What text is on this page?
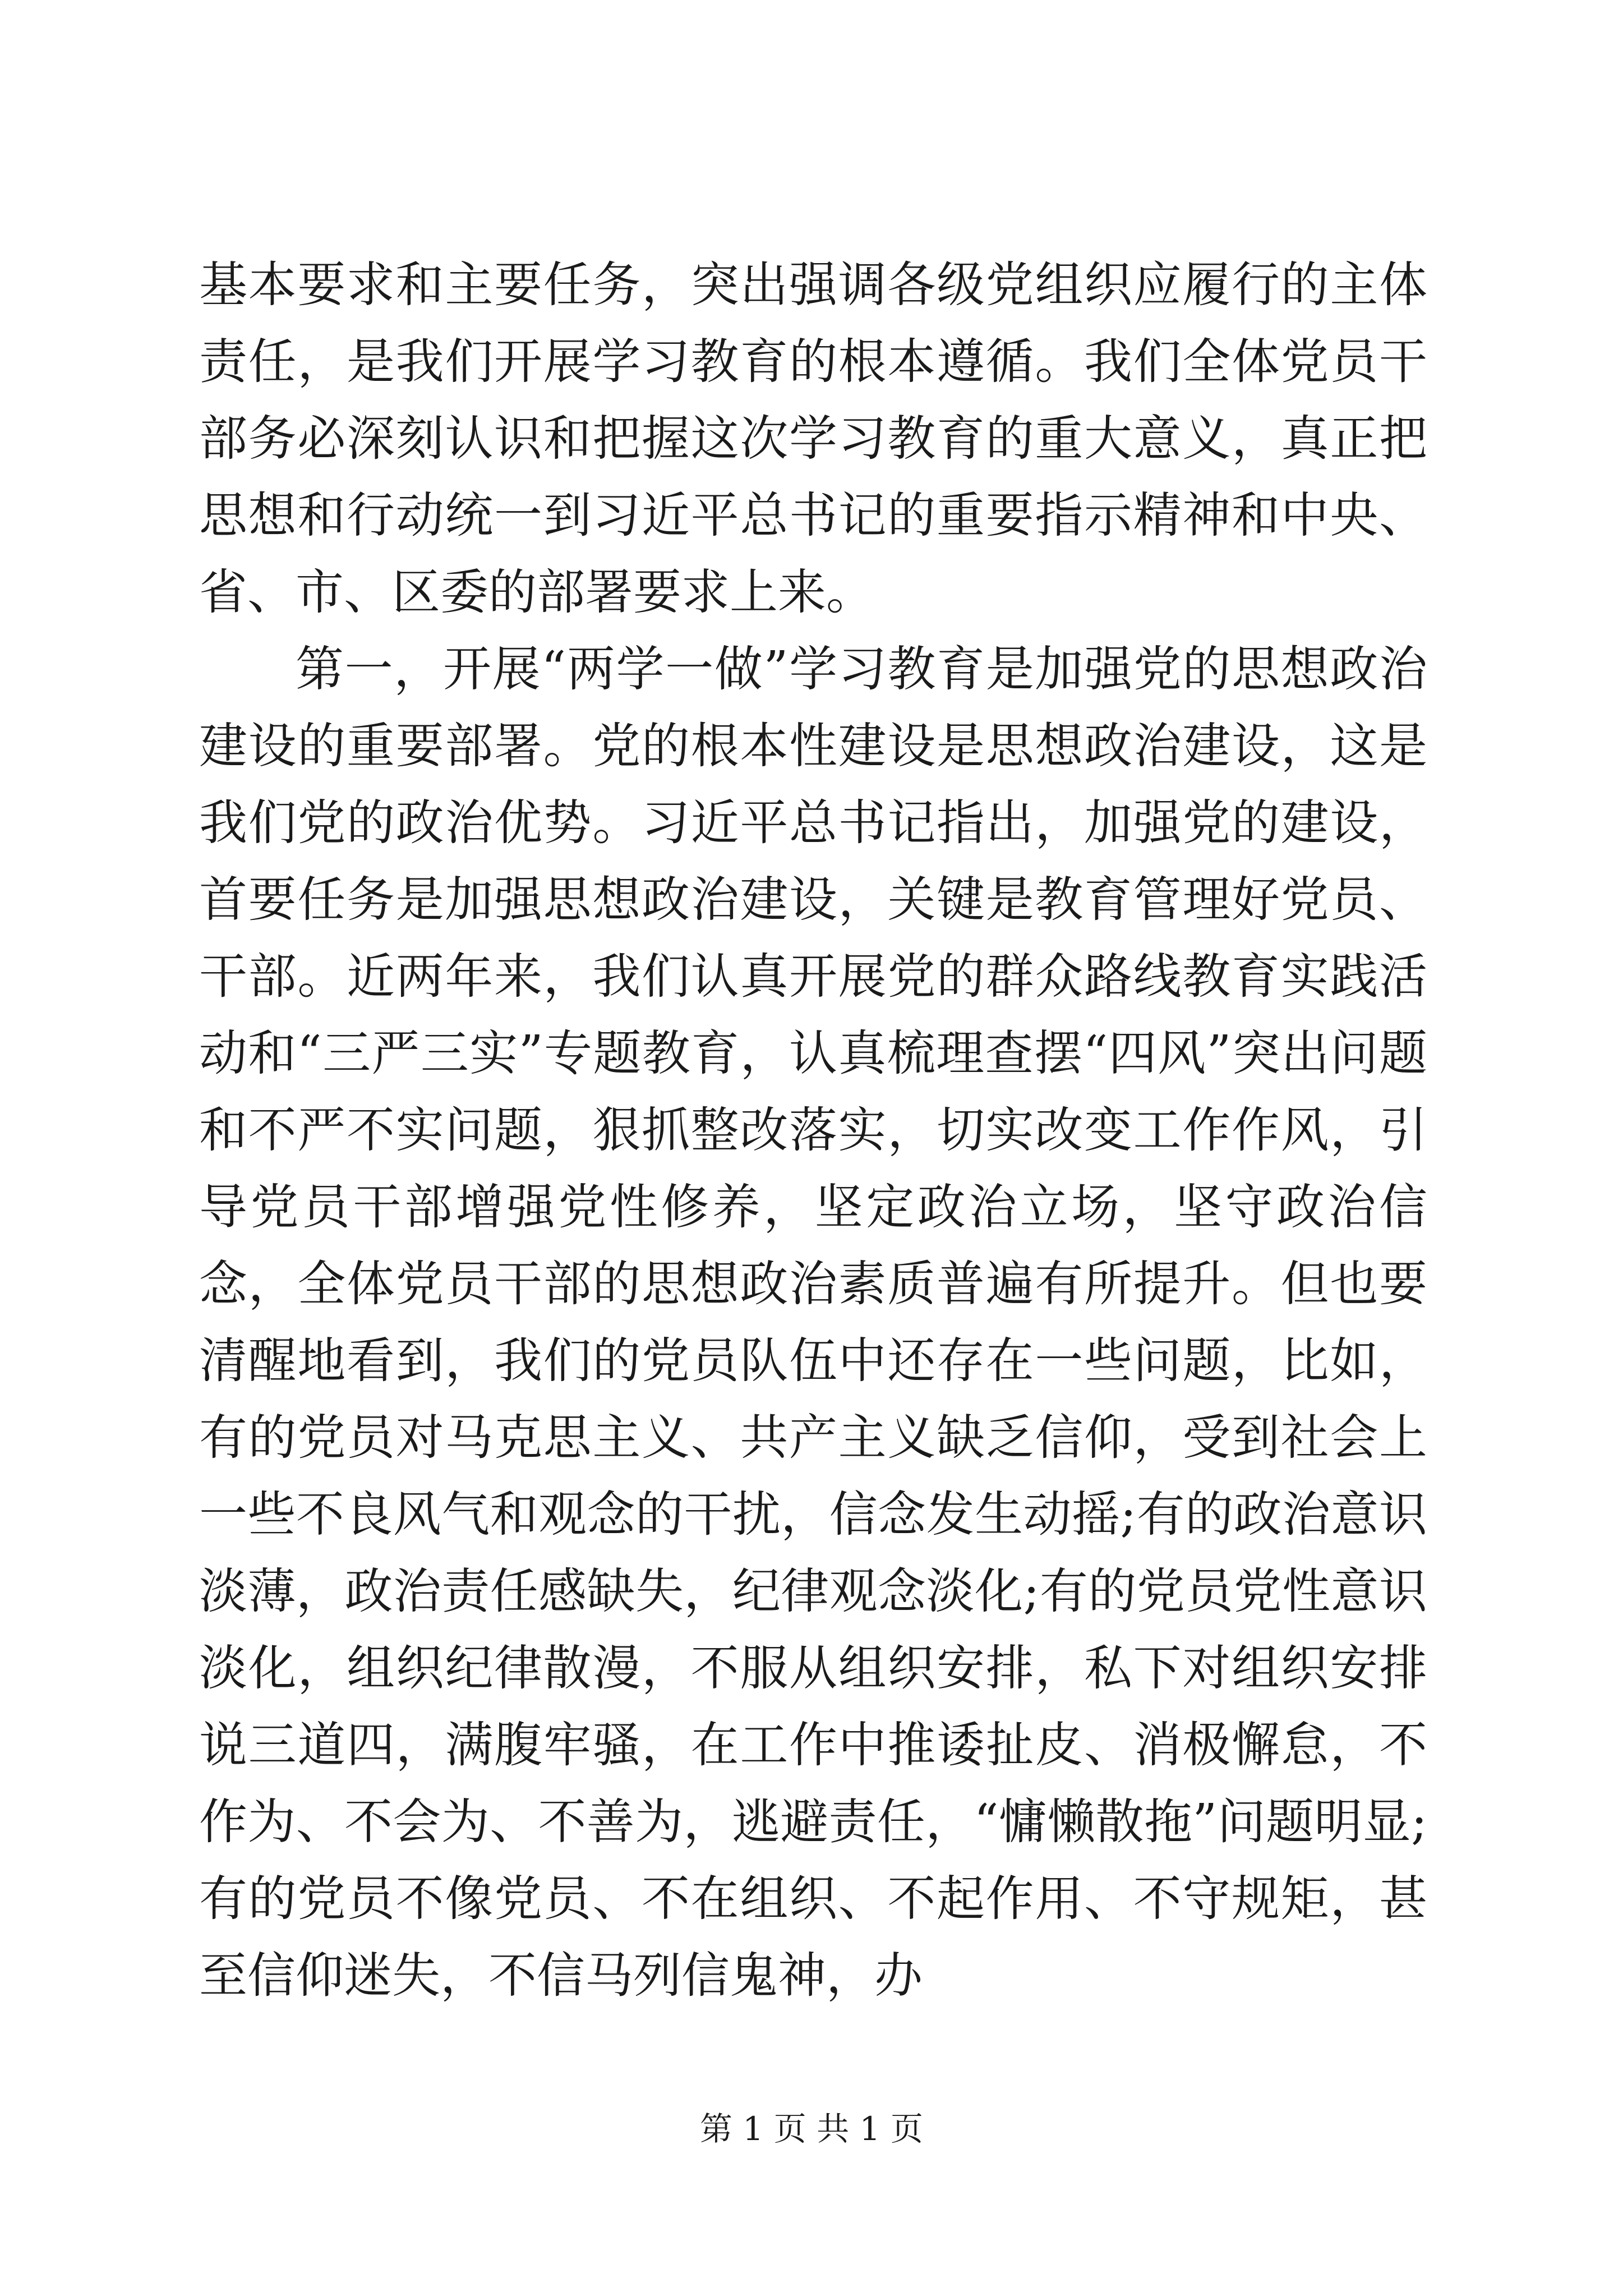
基本要求和主要任务，突出强调各级党组织应履行的主体责任，是我们开展学习教育的根本遵循。我们全体党员干部务必深刻认识和把握这次学习教育的重大意义，真正把思想和行动统一到习近平总书记的重要指示精神和中央、省、市、区委的部署要求上来。

第一，开展“两学一做”学习教育是加强党的思想政治建设的重要部署。党的根本性建设是思想政治建设，这是我们党的政治优势。习近平总书记指出，加强党的建设，首要任务是加强思想政治建设，关键是教育管理好党员、干部。近两年来，我们认真开展党的群众路线教育实践活动和“三严三实”专题教育，认真梳理查摆“四风”突出问题和不严不实问题，狠抓整改落实，切实改变工作作风，引导党员干部增强党性修养，坚定政治立场，坚守政治信念，全体党员干部的思想政治素质普遍有所提升。但也要清醒地看到，我们的党员队伍中还存在一些问题，比如，有的党员对马克思主义、共产主义缺乏信仰，受到社会上一些不良风气和观念的干扰，信念发生动摇;有的政治意识淡薄，政治责任感缺失，纪律观念淡化;有的党员党性意识淡化，组织纪律散漫，不服从组织安排，私下对组织安排说三道四，满腹牢骚，在工作中推诿扯皮、消极懈怠，不作为、不会为、不善为，逃避责任，“慵懒散拖”问题明显;有的党员不像党员、不在组织、不起作用、不守规矩，甚至信仰迷失，不信马列信鬼神，办

第 1 页 共 1 页
